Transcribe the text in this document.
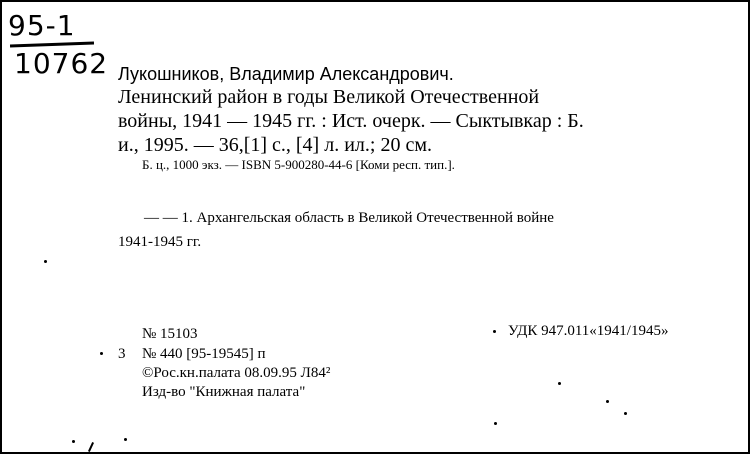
95-1
10762 Лукошников, Владимир Александрович.
Ленинский район в годы Великой Отечественной
войны, 1941 — 1945 гг. : Ист. очерк. — Сыктывкар : Б.
и., 1995. — 36,[1] с., [4] л. ил.; 20 см.
Б. ц., 1000 экз. — ISBN 5-900280-44-6 [Коми респ. тип.].
— — 1. Архангельская область в Великой Отечественной войне
1941-1945 гг.
№ 15103	УДК 947.011«1941/1945»
3 № 440 [95-19545] п
©Рос.кн.палата 08.09.95 Л84²
Изд-во "Книжная палата"
